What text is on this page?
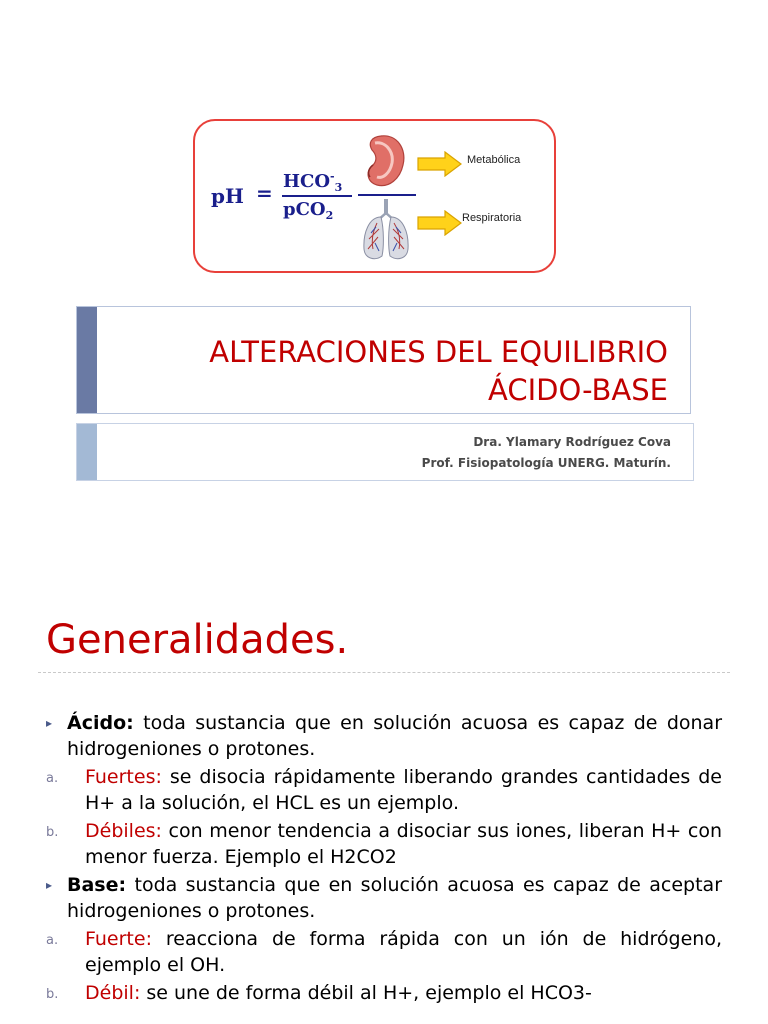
pH = $HCO^-_3$
pCO$_2$
Metabólica
Respiratoria
ALTERACIONES DEL EQUILIBRIO
ÁCIDO-BASE
Dra. Ylamary Rodríguez Cova
Prof. Fisiopatología UNERG. Maturín.
Generalidades.
▸ Ácido: toda sustancia que en solución acuosa es capaz de donar hidrogeniones o protones.
a. Fuertes: se disocia rápidamente liberando grandes cantidades de H+ a la solución, el HCL es un ejemplo.
b. Débiles: con menor tendencia a disociar sus iones, liberan H+ con menor fuerza. Ejemplo el H2CO2
▸ Base: toda sustancia que en solución acuosa es capaz de aceptar hidrogeniones o protones.
a. Fuerte: reacciona de forma rápida con un ión de hidrógeno, ejemplo el OH.
b. Débil: se une de forma débil al H+, ejemplo el HCO3-
